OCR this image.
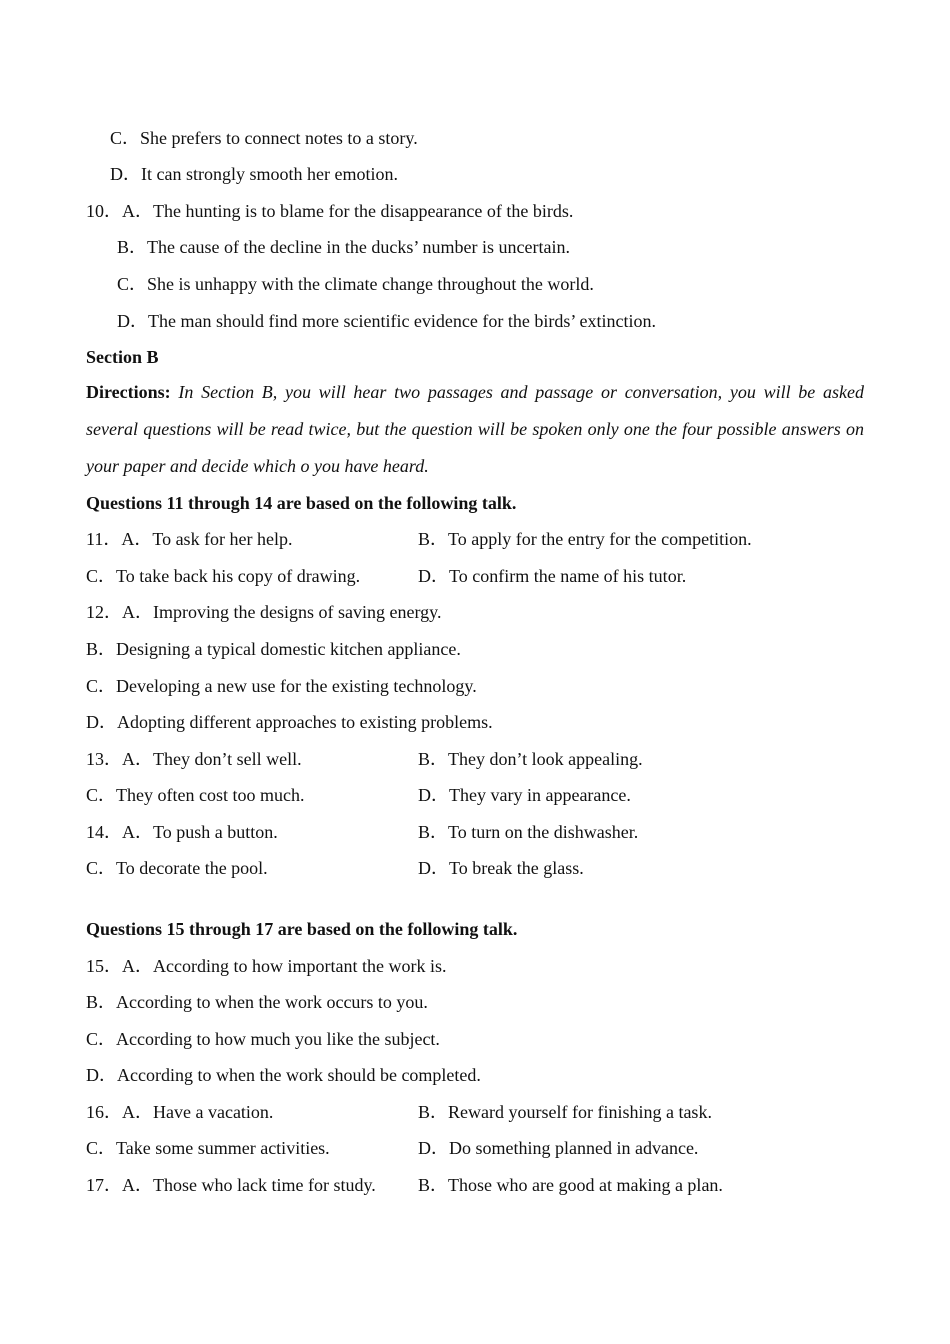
C．She prefers to connect notes to a story.
D．It can strongly smooth her emotion.
10．A．The hunting is to blame for the disappearance of the birds.
B．The cause of the decline in the ducks’ number is uncertain.
C．She is unhappy with the climate change throughout the world.
D．The man should find more scientific evidence for the birds’ extinction.
Section B
Directions: In Section B, you will hear two passages and passage or conversation, you will be asked several questions will be read twice, but the question will be spoken only one the four possible answers on your paper and decide which o you have heard.
Questions 11 through 14 are based on the following talk.
11．A．To ask for her help.	B．To apply for the entry for the competition.
C．To take back his copy of drawing.	D．To confirm the name of his tutor.
12．A．Improving the designs of saving energy.
B．Designing a typical domestic kitchen appliance.
C．Developing a new use for the existing technology.
D．Adopting different approaches to existing problems.
13．A．They don’t sell well.	B．They don’t look appealing.
C．They often cost too much.	D．They vary in appearance.
14．A．To push a button.	B．To turn on the dishwasher.
C．To decorate the pool.	D．To break the glass.
Questions 15 through 17 are based on the following talk.
15．A．According to how important the work is.
B．According to when the work occurs to you.
C．According to how much you like the subject.
D．According to when the work should be completed.
16．A．Have a vacation.	B．Reward yourself for finishing a task.
C．Take some summer activities.	D．Do something planned in advance.
17．A．Those who lack time for study. B．Those who are good at making a plan.
